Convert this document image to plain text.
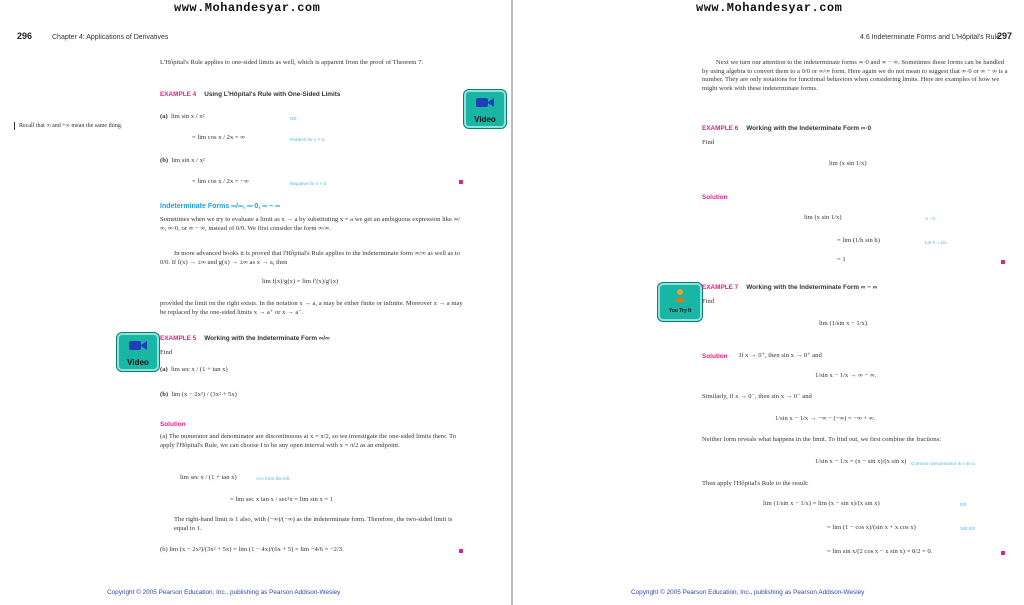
www.Mohandesyar.com
296	Chapter 4: Applications of Derivatives
L'Hôpital's Rule applies to one-sided limits as well, which is apparent from the proof of Theorem 7.
EXAMPLE 4 Using L'Hôpital's Rule with One-Sided Limits
Video
Recall that ∞ and +∞ mean the same thing.
(a) lim sin x / x²
= lim cos x / 2x = ∞
0/0
Positive for x > 0.
(b) lim sin x / x²
= lim cos x / 2x = −∞	Negative for x < 0.
Indeterminate Forms ∞/∞, ∞·0, ∞ − ∞
Sometimes when we try to evaluate a limit as x → a by substituting x = a we get an ambiguous expression like ∞/∞, ∞·0, or ∞ − ∞, instead of 0/0. We first consider the form ∞/∞.
In more advanced books it is proved that l'Hôpital's Rule applies to the indeterminate form ∞/∞ as well as to 0/0. If f(x) → ±∞ and g(x) → ±∞ as x → a, then
lim f(x)/g(x) = lim f′(x)/g′(x)
provided the limit on the right exists. In the notation x → a, a may be either finite or infinite. Moreover x → a may be replaced by the one-sided limits x → a⁺ or x → a⁻.
Video
EXAMPLE 5 Working with the Indeterminate Form ∞/∞
Find
(a) lim sec x / (1 + tan x)
(b) lim (x − 2x²) / (3x² + 5x)
Solution
(a) The numerator and denominator are discontinuous at x = π/2, so we investigate the one-sided limits there. To apply l'Hôpital's Rule, we can choose I to be any open interval with x = π/2 as an endpoint.
lim sec x / (1 + tan x)	∞/∞ from the left
= lim sec x tan x / sec²x = lim sin x = 1
The right-hand limit is 1 also, with (−∞)/(−∞) as the indeterminate form. Therefore, the two-sided limit is equal to 1.
(b) lim (x − 2x²)/(3x² + 5x) = lim (1 − 4x)/(6x + 5) = lim −4/6 = −2/3.
Copyright © 2005 Pearson Education, Inc., publishing as Pearson Addison-Wesley
www.Mohandesyar.com
4.6 Indeterminate Forms and L'Hôpital's Rule
297
Next we turn our attention to the indeterminate forms ∞·0 and ∞ − ∞. Sometimes these forms can be handled by using algebra to convert them to a 0/0 or ∞/∞ form. Here again we do not mean to suggest that ∞·0 or ∞ − ∞ is a number. They are only notations for functional behaviors when considering limits. Here are examples of how we might work with these indeterminate forms.
EXAMPLE 6 Working with the Indeterminate Form ∞·0
Find
lim (x sin 1/x)
Solution
lim (x sin 1/x)	∞ · 0
= lim (1/h sin h)	Let h = 1/x.
= 1
You Try It
EXAMPLE 7 Working with the Indeterminate Form ∞ − ∞
Find
lim (1/sin x − 1/x).
Solution If x → 0⁺, then sin x → 0⁺ and
1/sin x − 1/x → ∞ − ∞.
Similarly, if x → 0⁻, then sin x → 0⁻ and
1/sin x − 1/x → −∞ − (−∞) = −∞ + ∞.
Neither form reveals what happens in the limit. To find out, we first combine the fractions:
1/sin x − 1/x = (x − sin x)/(x sin x) Common denominator is x sin x
Then apply l'Hôpital's Rule to the result:
lim (1/sin x − 1/x) = lim (x − sin x)/(x sin x)	0/0
= lim (1 − cos x)/(sin x + x cos x)	Still 0/0
= lim sin x/(2 cos x − x sin x) = 0/2 = 0.
Copyright © 2005 Pearson Education, Inc., publishing as Pearson Addison-Wesley
